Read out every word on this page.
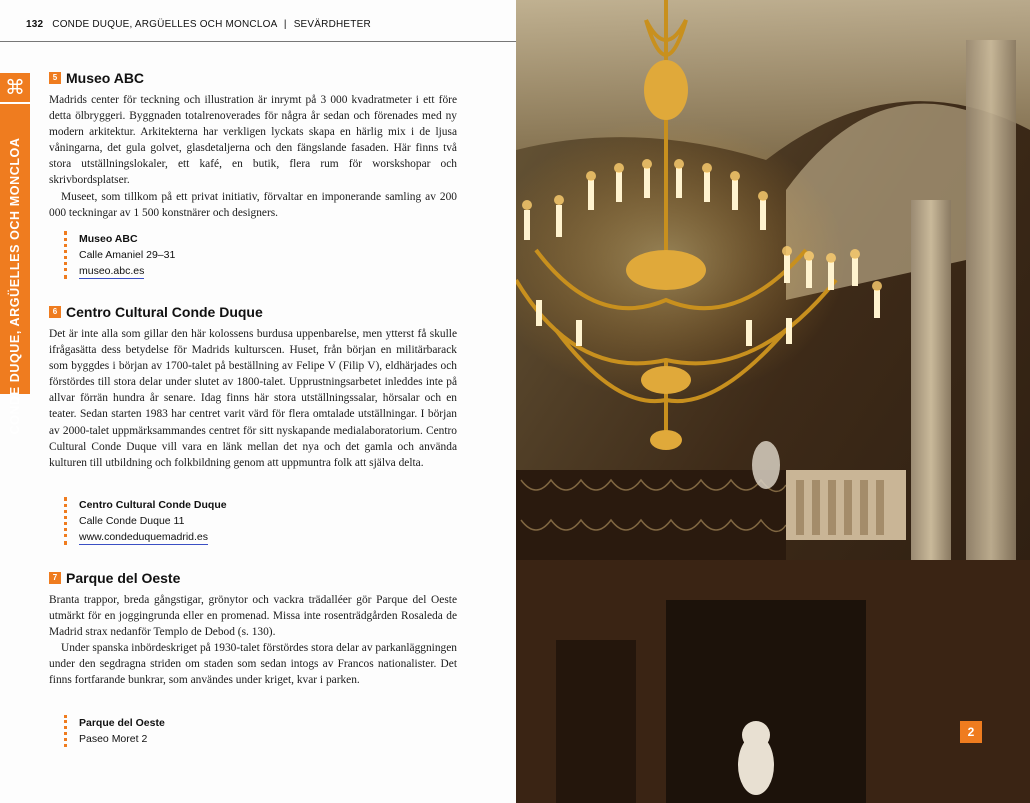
132 CONDE DUQUE, ARGÜELLES OCH MONCLOA | SEVÄRDHETER
⌘
CONDE DUQUE, ARGÜELLES OCH MONCLOA
5 Museo ABC

Madrids center för teckning och illustration är inrymt på 3 000 kvadratmeter i ett före detta ölbryggeri. Byggnaden totalrenoverades för några år sedan och förenades med ny modern arkitektur. Arkitekterna har verkligen lyckats skapa en härlig mix i de ljusa våningarna, det gula golvet, glasdetaljerna och den fängslande fasaden. Här finns två stora utställningslokaler, ett kafé, en butik, flera rum för worskshopar och skrivbordsplatser.

Museet, som tillkom på ett privat initiativ, förvaltar en imponerande samling av 200 000 teckningar av 1 500 konstnärer och designers.

Museo ABC
Calle Amaniel 29–31
museo.abc.es
6 Centro Cultural Conde Duque

Det är inte alla som gillar den här kolossens burdusa uppenbarelse, men ytterst få skulle ifrågasätta dess betydelse för Madrids kulturscen. Huset, från början en militärbarack som byggdes i början av 1700-talet på beställning av Felipe V (Filip V), eldhärjades och förstördes till stora delar under slutet av 1800-talet. Upprustningsarbetet inleddes inte på allvar förrän hundra år senare. Idag finns här stora utställningssalar, hörsalar och en teater. Sedan starten 1983 har centret varit värd för flera omtalade utställningar. I början av 2000-talet uppmärksammandes centret för sitt nyskapande medialaboratorium. Centro Cultural Conde Duque vill vara en länk mellan det nya och det gamla och använda kulturen till utbildning och folkbildning genom att uppmuntra folk att själva delta.

Centro Cultural Conde Duque
Calle Conde Duque 11
www.condeduquemadrid.es
7 Parque del Oeste

Branta trappor, breda gångstigar, grönytor och vackra trädalléer gör Parque del Oeste utmärkt för en joggingrunda eller en promenad. Missa inte rosenträdgården Rosaleda de Madrid strax nedanför Templo de Debod (s. 130).

Under spanska inbördeskriget på 1930-talet förstördes stora delar av parkanläggningen under den segdragna striden om staden som sedan intogs av Francos nationalister. Det finns fortfarande bunkrar, som användes under kriget, kvar i parken.

Parque del Oeste
Paseo Moret 2	2
